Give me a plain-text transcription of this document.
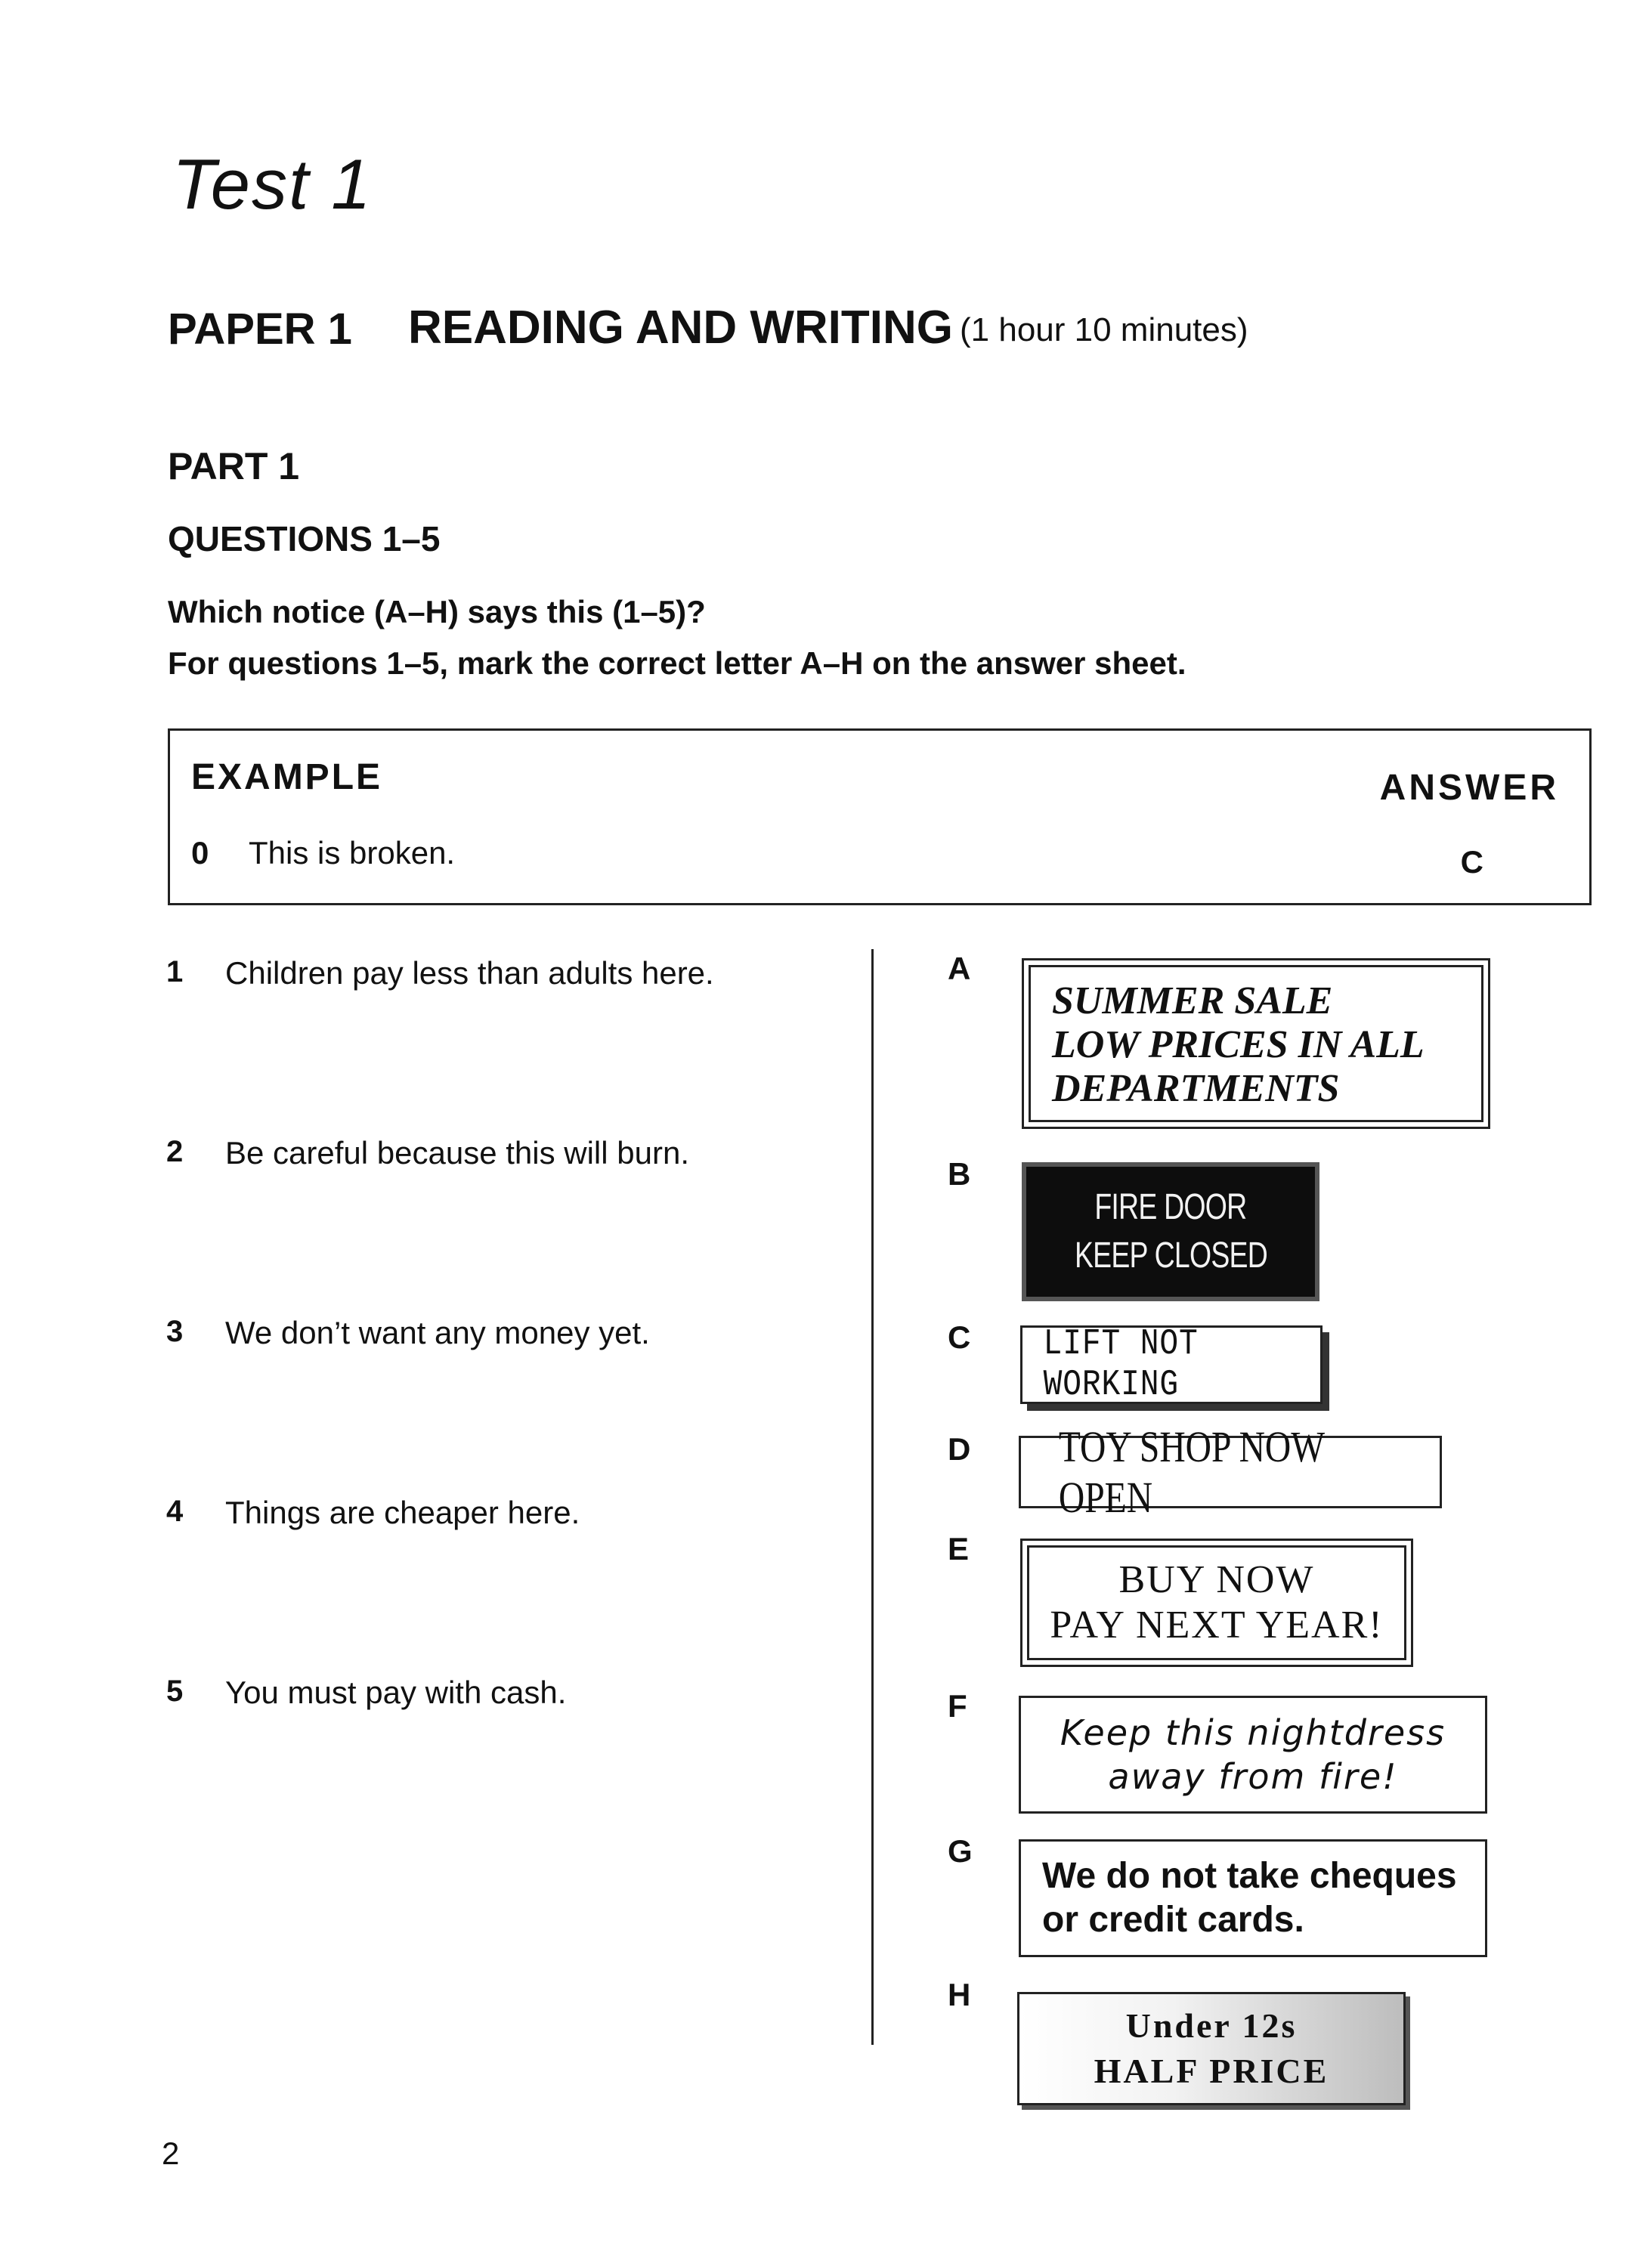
Test 1
PAPER 1 READING AND WRITING (1 hour 10 minutes)
PART 1
QUESTIONS 1–5
Which notice (A–H) says this (1–5)?
For questions 1–5, mark the correct letter A–H on the answer sheet.
EXAMPLE	ANSWER
0 This is broken.	C
1 Children pay less than adults here.
2 Be careful because this will burn.
3 We don’t want any money yet.
4 Things are cheaper here.
5 You must pay with cash.
A
B
C
D
E
F
G
H
SUMMER SALE
LOW PRICES IN ALL
DEPARTMENTS
FIRE DOOR
KEEP CLOSED
LIFT NOT WORKING
TOY SHOP NOW OPEN
BUY NOW
PAY NEXT YEAR!
Keep this nightdress
away from fire!
We do not take cheques
or credit cards.
Under 12s
HALF PRICE
2
